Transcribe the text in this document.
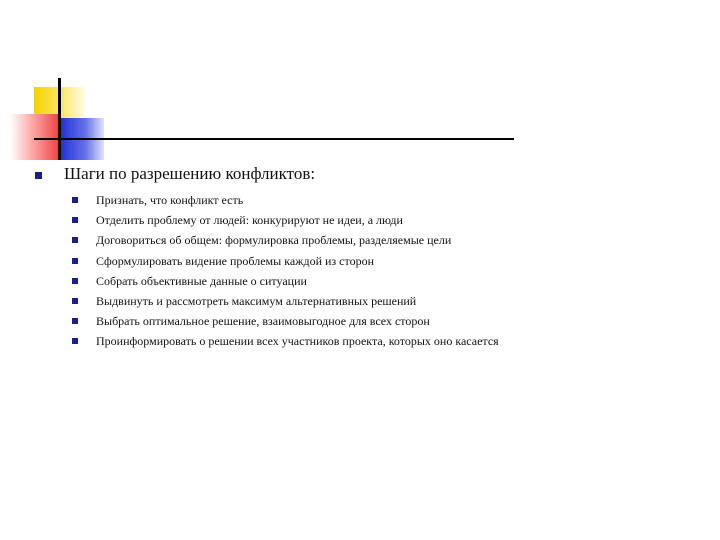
Шаги по разрешению конфликтов:
Признать, что конфликт есть
Отделить проблему от людей: конкурируют не идеи, а люди
Договориться об общем: формулировка проблемы, разделяемые цели
Сформулировать видение проблемы каждой из сторон
Собрать объективные данные о ситуации
Выдвинуть и рассмотреть максимум альтернативных решений
Выбрать оптимальное решение, взаимовыгодное для всех сторон
Проинформировать о решении всех участников проекта, которых оно касается
